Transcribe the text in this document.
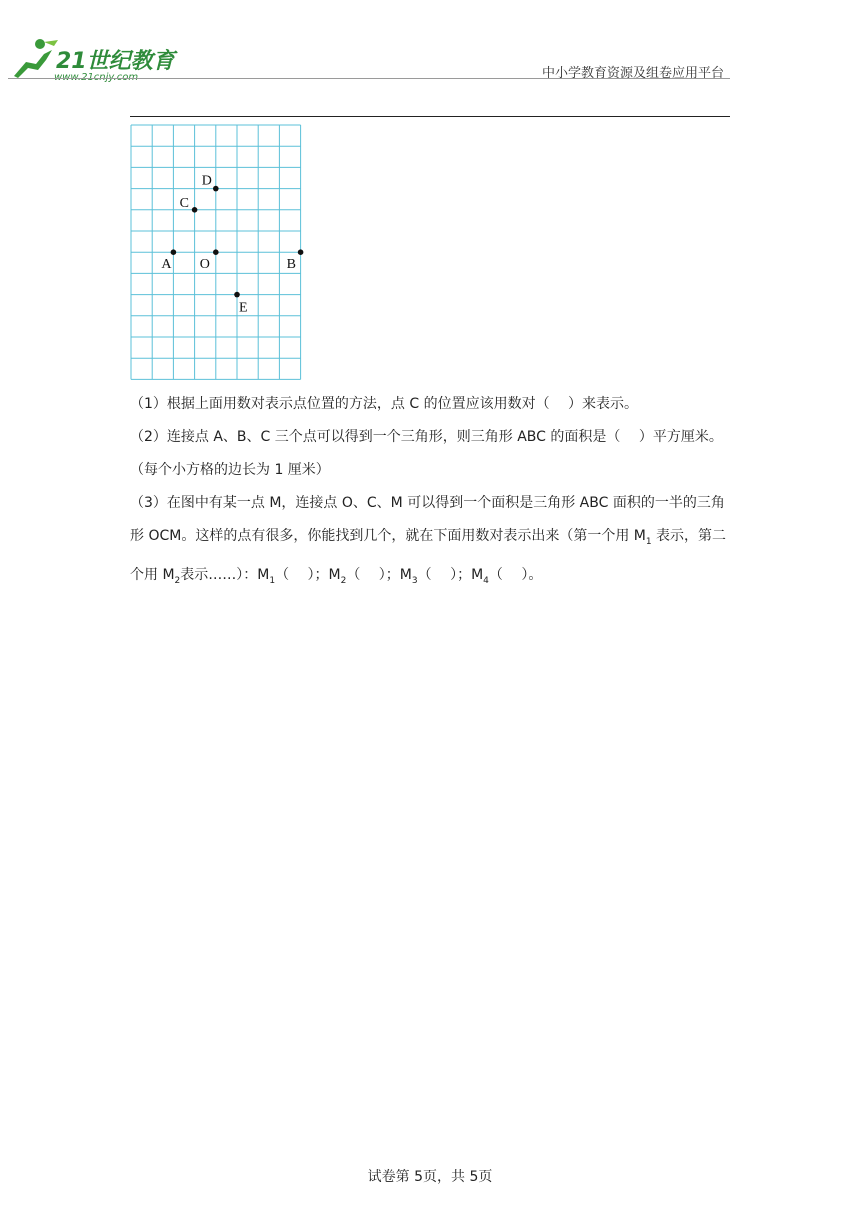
21世纪教育
www.21cnjy.com	中小学教育资源及组卷应用平台
A O	B
C
D
E
（1）根据上面用数对表示点位置的方法，点 C 的位置应该用数对（　 ）来表示。
（2）连接点 A、B、C 三个点可以得到一个三角形，则三角形 ABC 的面积是（　 ）平方厘米。（每个小方格的边长为 1 厘米）
（3）在图中有某一点 M，连接点 O、C、M 可以得到一个面积是三角形 ABC 面积的一半的三角形 OCM。这样的点有很多，你能找到几个，就在下面用数对表示出来（第一个用 $M_1$ 表示，第二个用 $M_2$表示……）：$M_1$（　 ）；$M_2$（　 ）；$M_3$（　 ）；$M_4$（　 ）。
试卷第 5页，共 5页
